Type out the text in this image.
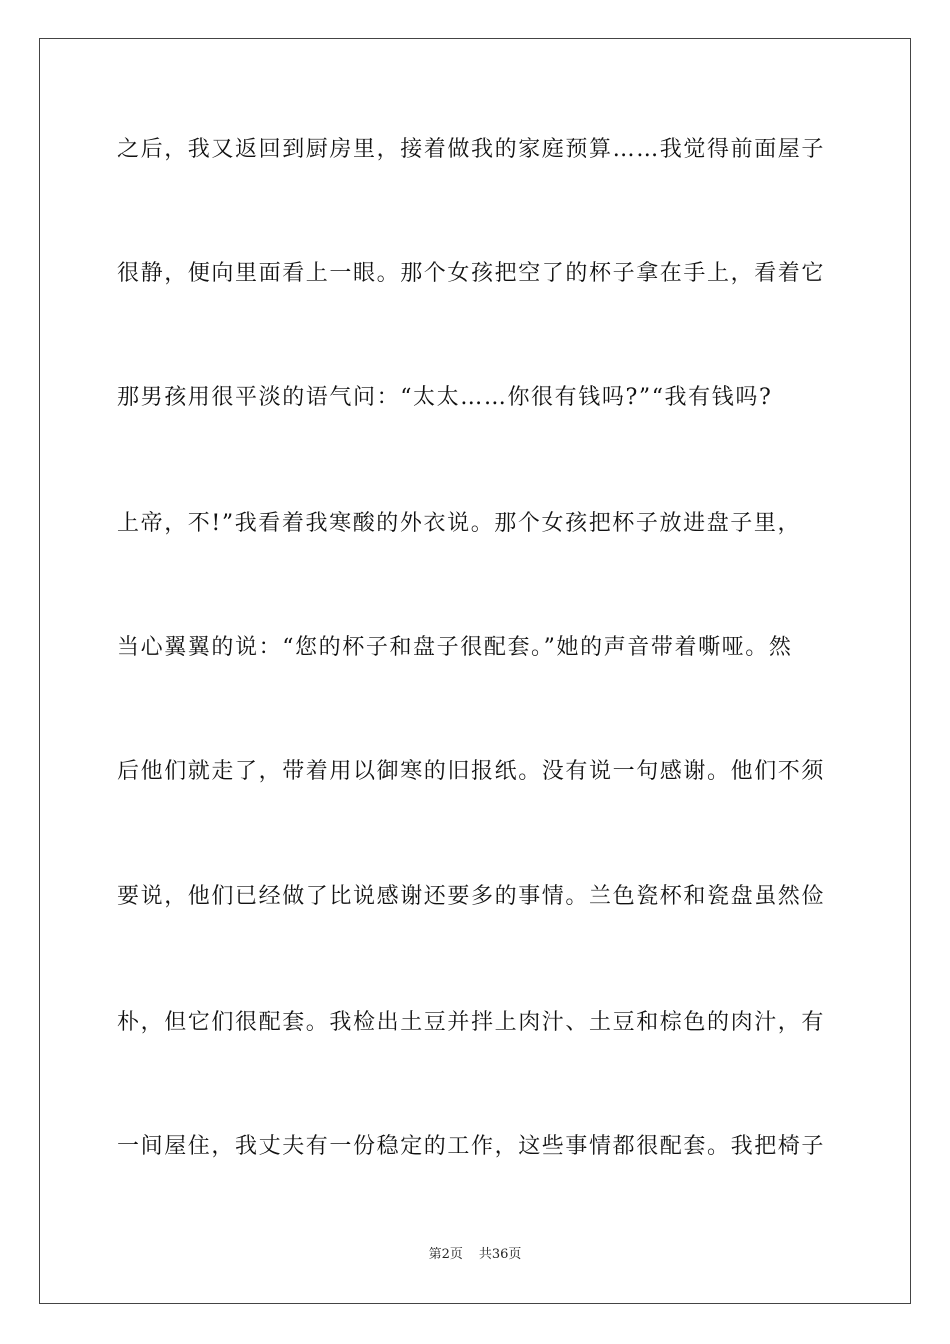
之后，我又返回到厨房里，接着做我的家庭预算……我觉得前面屋子
很静，便向里面看上一眼。那个女孩把空了的杯子拿在手上，看着它
那男孩用很平淡的语气问：“太太……你很有钱吗?”“我有钱吗?
上帝，不!”我看着我寒酸的外衣说。那个女孩把杯子放进盘子里，
当心翼翼的说：“您的杯子和盘子很配套。”她的声音带着嘶哑。然
后他们就走了，带着用以御寒的旧报纸。没有说一句感谢。他们不须
要说，他们已经做了比说感谢还要多的事情。兰色瓷杯和瓷盘虽然俭
朴，但它们很配套。我检出土豆并拌上肉汁、土豆和棕色的肉汁，有
一间屋住，我丈夫有一份稳定的工作，这些事情都很配套。我把椅子
第2页 共36页
